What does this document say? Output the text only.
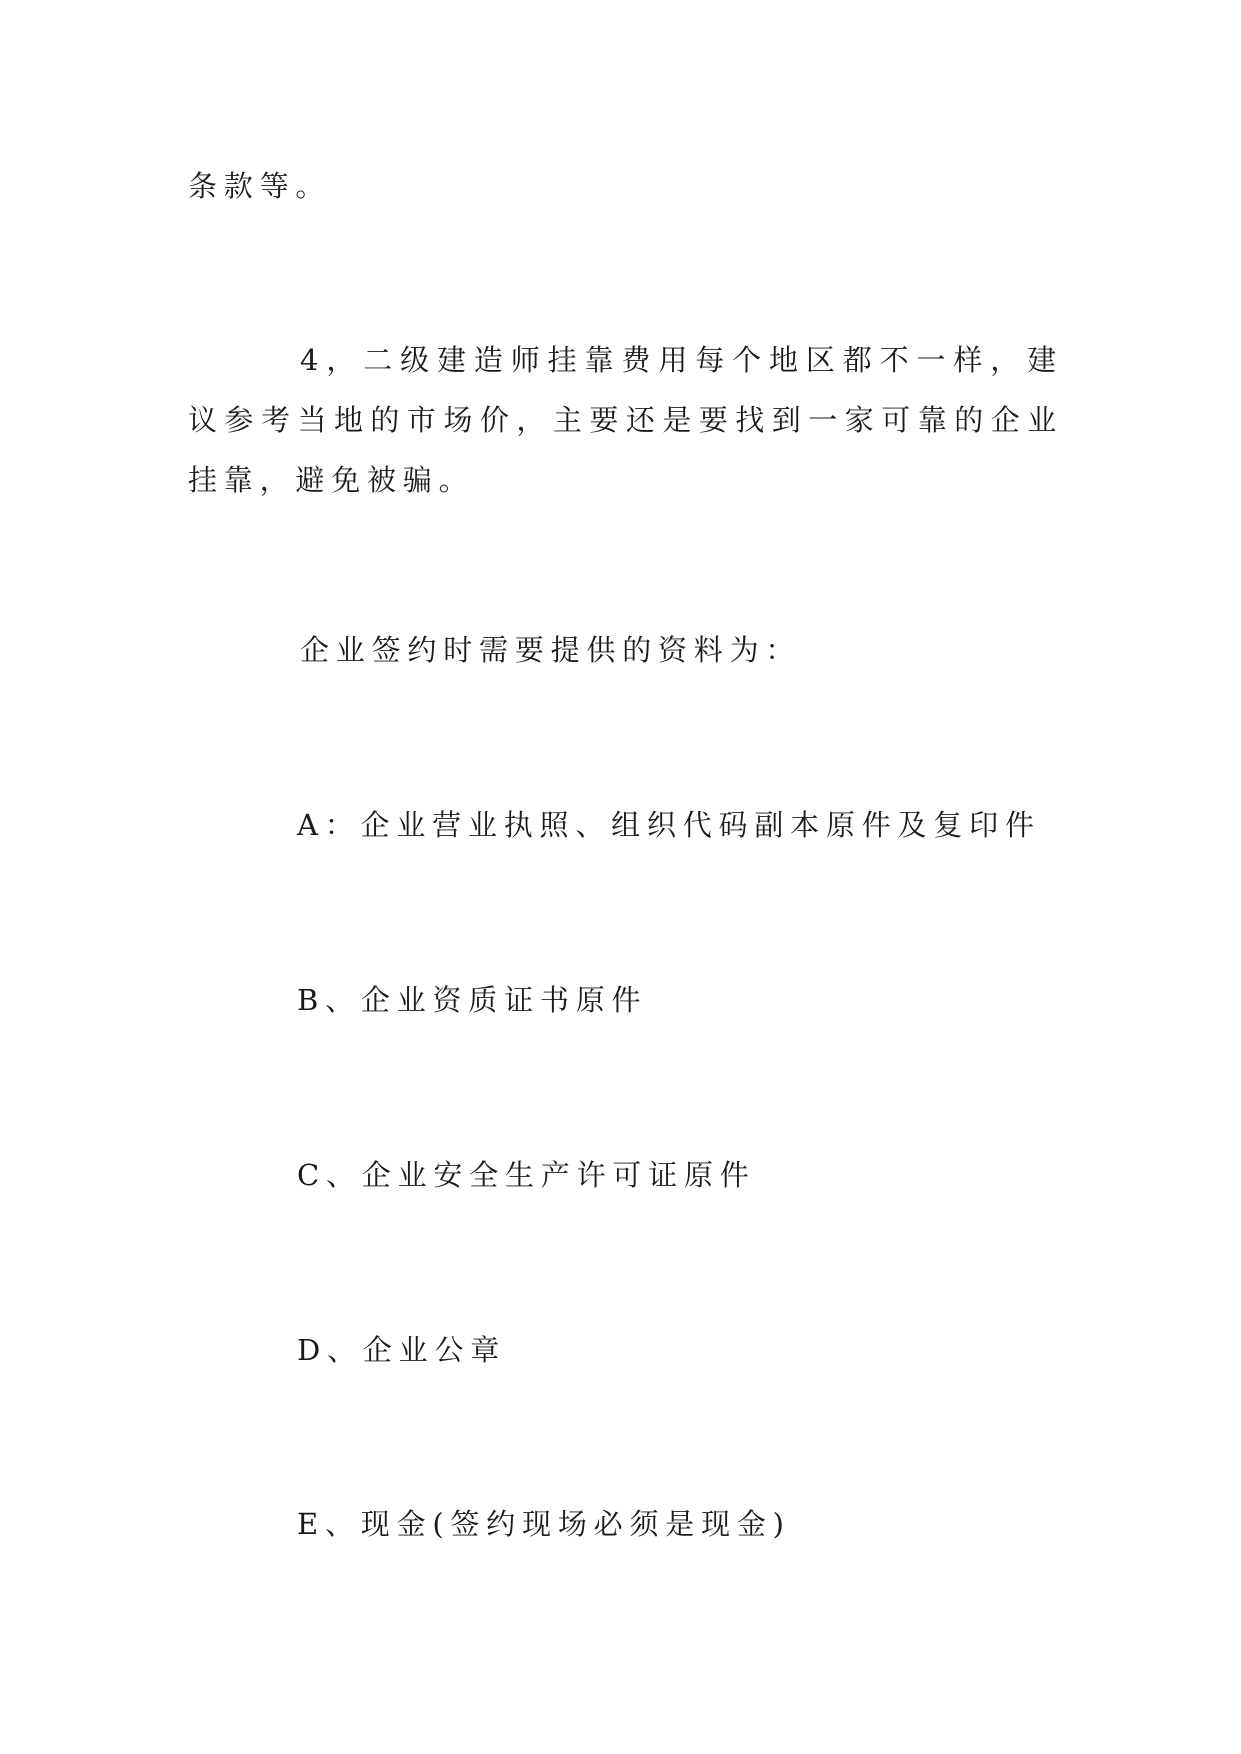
条款等。
4，二级建造师挂靠费用每个地区都不一样，建议参考当地的市场价，主要还是要找到一家可靠的企业挂靠，避免被骗。
企业签约时需要提供的资料为：
A：企业营业执照、组织代码副本原件及复印件
B、企业资质证书原件
C、企业安全生产许可证原件
D、企业公章
E、现金(签约现场必须是现金)
